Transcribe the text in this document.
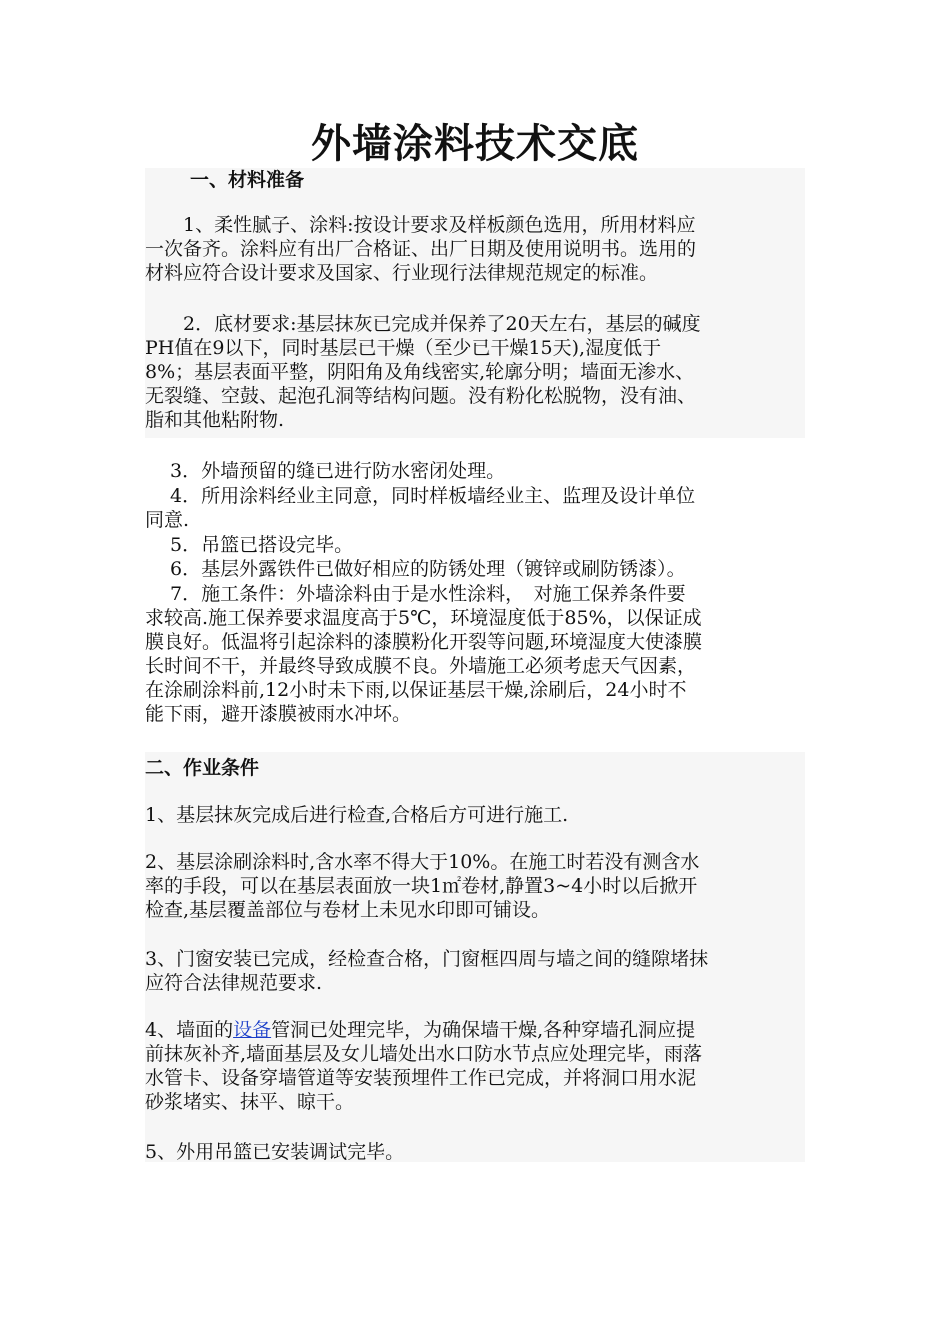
外墙涂料技术交底
一、材料准备
　　1、柔性腻子、涂料:按设计要求及样板颜色选用，所用材料应
一次备齐。涂料应有出厂合格证、出厂日期及使用说明书。选用的
材料应符合设计要求及国家、行业现行法律规范规定的标准。
　　2．底材要求:基层抹灰已完成并保养了20天左右，基层的碱度
PH值在9以下，同时基层已干燥（至少已干燥15天),湿度低于
8%；基层表面平整，阴阳角及角线密实,轮廓分明；墙面无渗水、
无裂缝、空鼓、起泡孔洞等结构问题。没有粉化松脱物，没有油、
脂和其他粘附物.
　 3．外墙预留的缝已进行防水密闭处理。
　 4．所用涂料经业主同意，同时样板墙经业主、监理及设计单位
同意.
　 5．吊篮已搭设完毕。
　 6．基层外露铁件已做好相应的防锈处理（镀锌或刷防锈漆）。
　 7．施工条件：外墙涂料由于是水性涂料，　对施工保养条件要
求较高.施工保养要求温度高于5℃，环境湿度低于85%，以保证成
膜良好。低温将引起涂料的漆膜粉化开裂等问题,环境湿度大使漆膜
长时间不干，并最终导致成膜不良。外墙施工必须考虑天气因素，
在涂刷涂料前,12小时未下雨,以保证基层干燥,涂刷后，24小时不
能下雨，避开漆膜被雨水冲坏。
二、作业条件
1、基层抹灰完成后进行检查,合格后方可进行施工.
2、基层涂刷涂料时,含水率不得大于10%。在施工时若没有测含水
率的手段，可以在基层表面放一块1㎡卷材,静置3~4小时以后掀开
检查,基层覆盖部位与卷材上未见水印即可铺设。
3、门窗安装已完成，经检查合格，门窗框四周与墙之间的缝隙堵抹
应符合法律规范要求.
4、墙面的设备管洞已处理完毕，为确保墙干燥,各种穿墙孔洞应提
前抹灰补齐,墙面基层及女儿墙处出水口防水节点应处理完毕，雨落
水管卡、设备穿墙管道等安装预埋件工作已完成，并将洞口用水泥
砂浆堵实、抹平、晾干。
5、外用吊篮已安装调试完毕。
